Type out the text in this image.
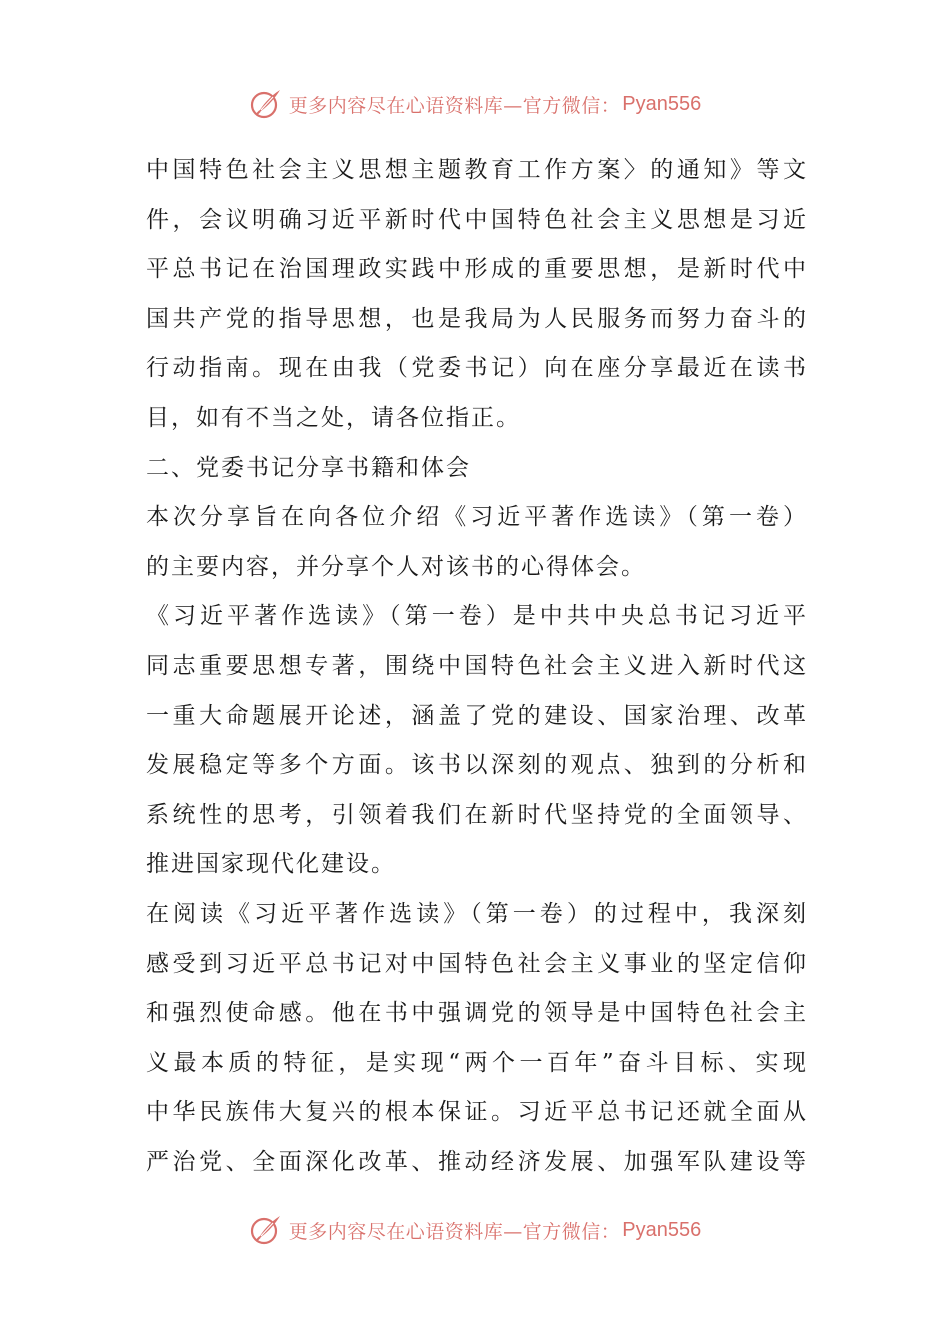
更多内容尽在心语资料库—官方微信： Pyan556
中国特色社会主义思想主题教育工作方案〉的通知》等文
件，会议明确习近平新时代中国特色社会主义思想是习近
平总书记在治国理政实践中形成的重要思想，是新时代中
国共产党的指导思想，也是我局为人民服务而努力奋斗的
行动指南。现在由我（党委书记）向在座分享最近在读书
目，如有不当之处，请各位指正。
二、党委书记分享书籍和体会
本次分享旨在向各位介绍《习近平著作选读》（第一卷）
的主要内容，并分享个人对该书的心得体会。
《习近平著作选读》（第一卷）是中共中央总书记习近平
同志重要思想专著，围绕中国特色社会主义进入新时代这
一重大命题展开论述，涵盖了党的建设、国家治理、改革
发展稳定等多个方面。该书以深刻的观点、独到的分析和
系统性的思考，引领着我们在新时代坚持党的全面领导、
推进国家现代化建设。
在阅读《习近平著作选读》（第一卷）的过程中，我深刻
感受到习近平总书记对中国特色社会主义事业的坚定信仰
和强烈使命感。他在书中强调党的领导是中国特色社会主
义最本质的特征，是实现“两个一百年”奋斗目标、实现
中华民族伟大复兴的根本保证。习近平总书记还就全面从
严治党、全面深化改革、推动经济发展、加强军队建设等
更多内容尽在心语资料库—官方微信： Pyan556
